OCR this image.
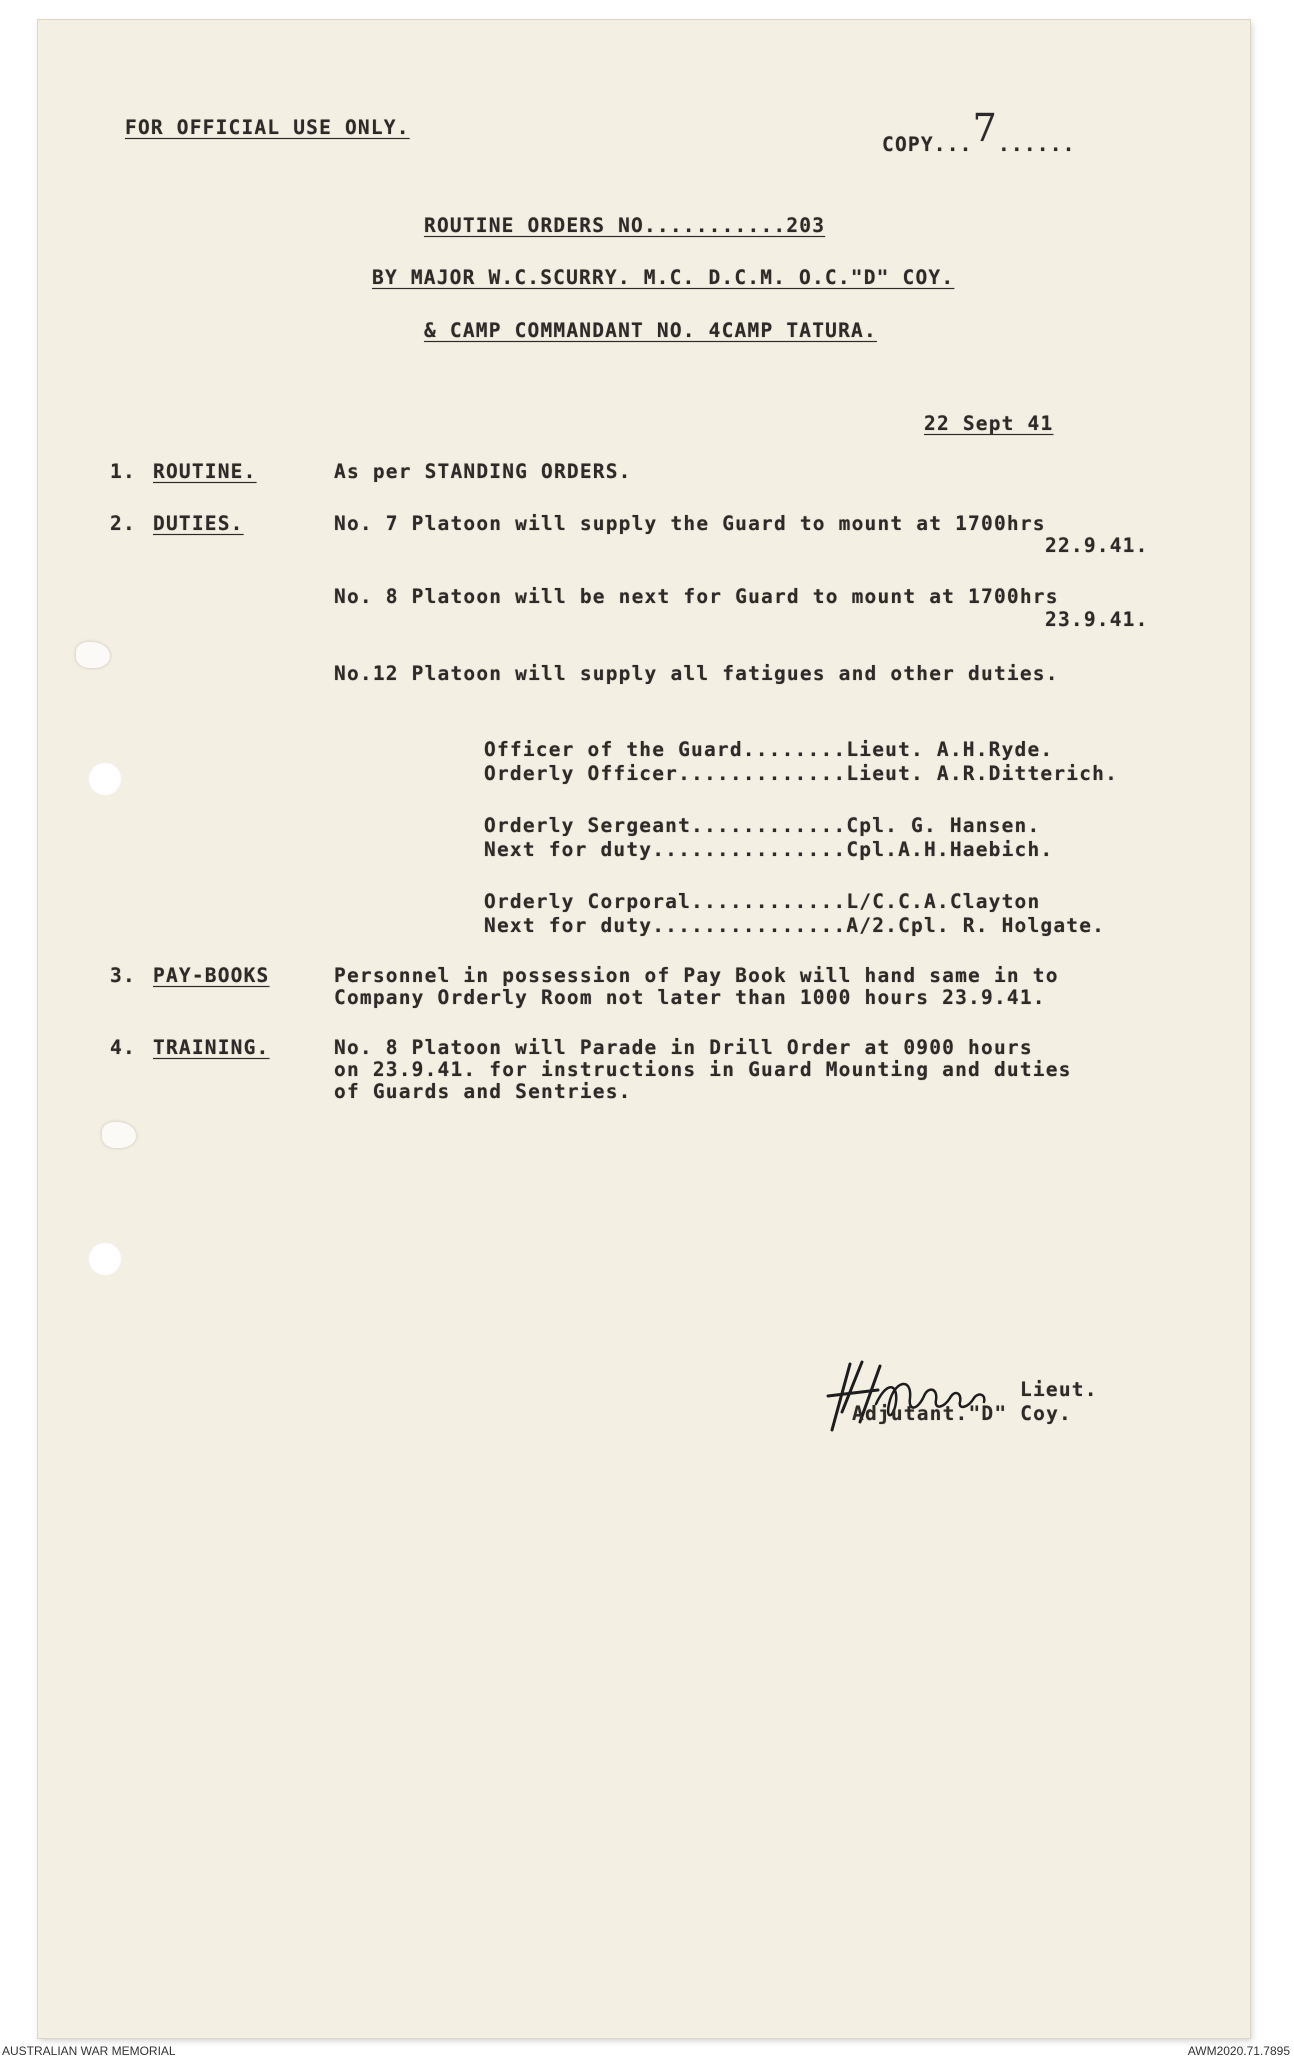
FOR OFFICIAL USE ONLY.
COPY...7......
ROUTINE ORDERS NO...........203
BY MAJOR W.C.SCURRY. M.C. D.C.M. O.C."D" COY.
& CAMP COMMANDANT NO. 4CAMP TATURA.
22 Sept 41
1. ROUTINE.	As per STANDING ORDERS.
2. DUTIES.	No. 7 Platoon will supply the Guard to mount at 1700hrs
22.9.41.
No. 8 Platoon will be next for Guard to mount at 1700hrs
23.9.41.
No.12 Platoon will supply all fatigues and other duties.
Officer of the Guard........Lieut. A.H.Ryde.
Orderly Officer.............Lieut. A.R.Ditterich.
Orderly Sergeant............Cpl. G. Hansen.
Next for duty...............Cpl.A.H.Haebich.
Orderly Corporal............L/C.C.A.Clayton
Next for duty...............A/2.Cpl. R. Holgate.
3. PAY-BOOKS	Personnel in possession of Pay Book will hand same in to
Company Orderly Room not later than 1000 hours 23.9.41.
4. TRAINING.	No. 8 Platoon will Parade in Drill Order at 0900 hours
on 23.9.41. for instructions in Guard Mounting and duties
of Guards and Sentries.
Lieut.
Adjutant."D" Coy.
AUSTRALIAN WAR MEMORIAL	AWM2020.71.7895
